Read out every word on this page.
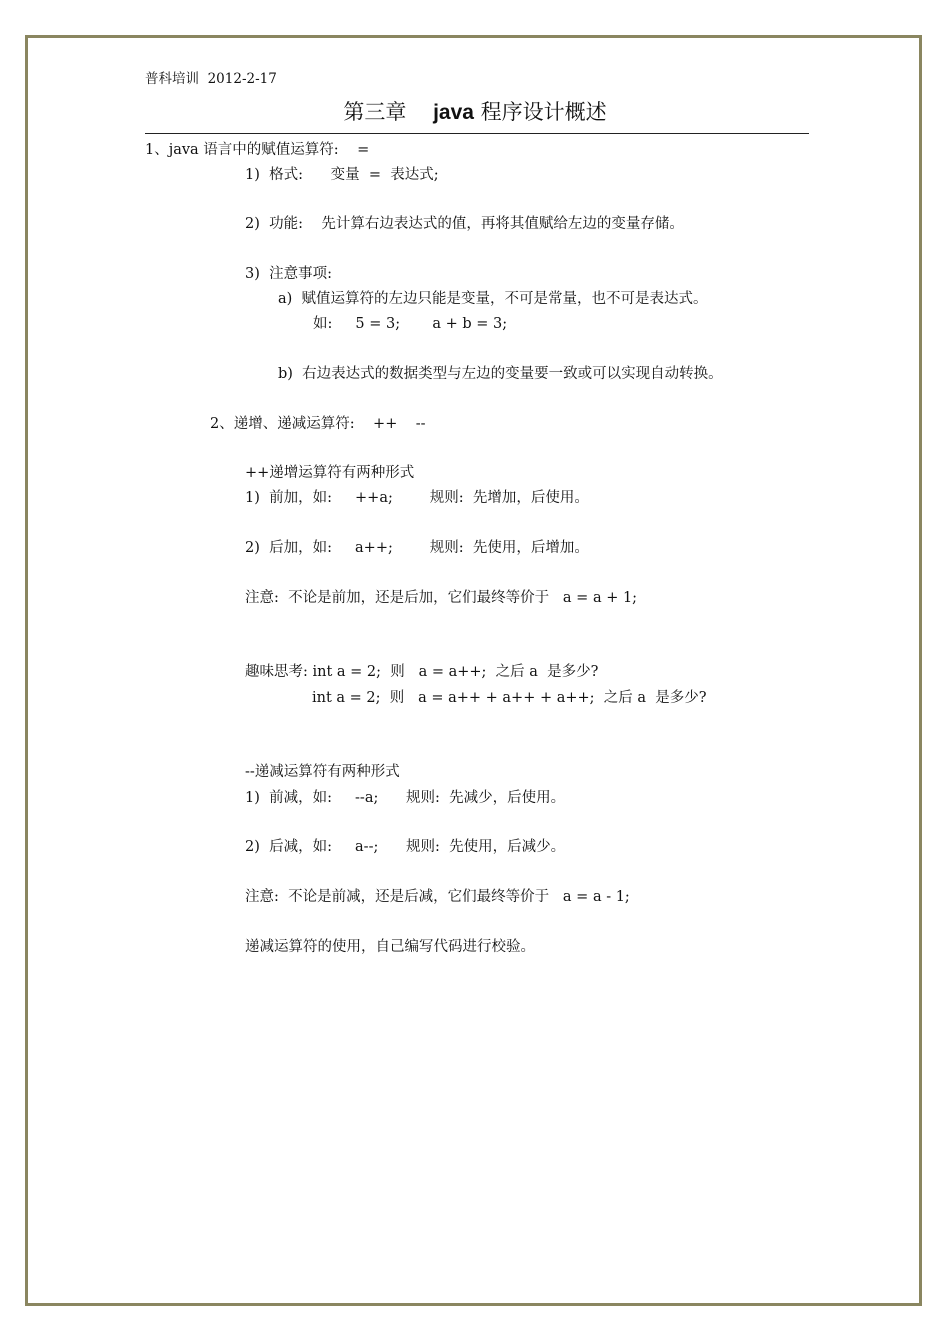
普科培训  2012-2-17
第三章    java 程序设计概述
1、java 语言中的赋值运算符:    =
1)  格式:      变量  =  表达式;
2)  功能:    先计算右边表达式的值，再将其值赋给左边的变量存储。
3)  注意事项:
a)  赋值运算符的左边只能是变量，不可是常量，也不可是表达式。
如:     5 = 3;       a + b = 3;
b)  右边表达式的数据类型与左边的变量要一致或可以实现自动转换。
2、递增、递减运算符:    ++    --
++递增运算符有两种形式
1)  前加，如:     ++a;        规则:  先增加，后使用。
2)  后加，如:     a++;        规则:  先使用，后增加。
注意:  不论是前加，还是后加，它们最终等价于   a = a + 1;
趣味思考: int a = 2;  则   a = a++;  之后 a  是多少?
int a = 2;  则   a = a++ + a++ + a++;  之后 a  是多少?
--递减运算符有两种形式
1)  前减，如:     --a;      规则:  先减少，后使用。
2)  后减，如:     a--;      规则:  先使用，后减少。
注意:  不论是前减，还是后减，它们最终等价于   a = a - 1;
递减运算符的使用，自己编写代码进行校验。
